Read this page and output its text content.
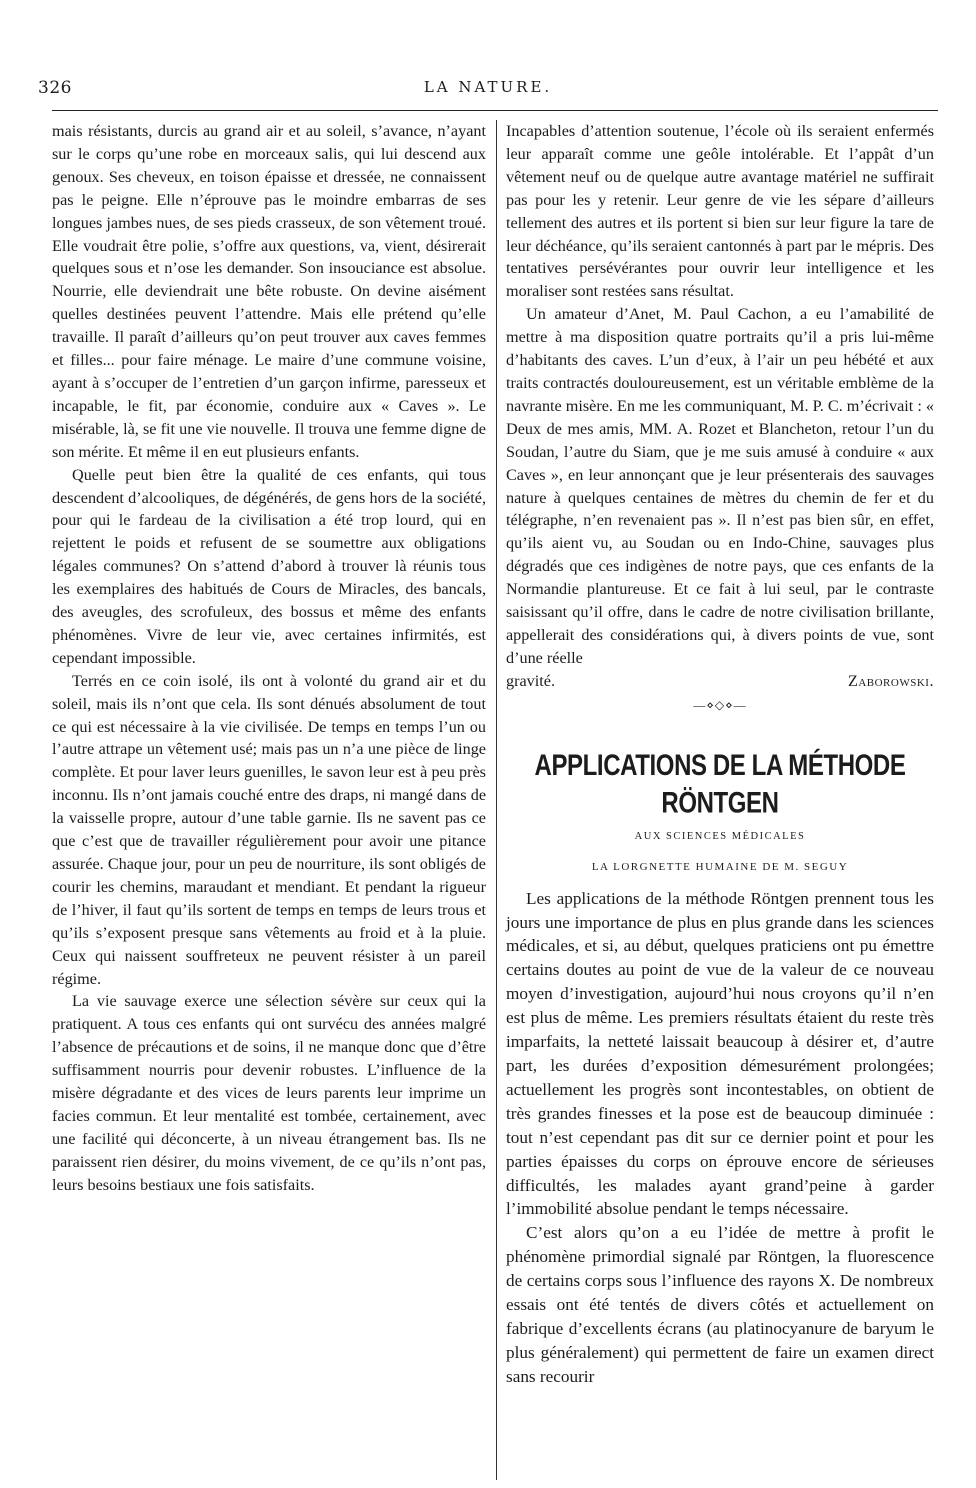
326	LA NATURE.

mais résistants, durcis au grand air et au soleil, s’avance, n’ayant sur le corps qu’une robe en morceaux salis, qui lui descend aux genoux. Ses cheveux, en toison épaisse et dressée, ne connaissent pas le peigne. Elle n’éprouve pas le moindre embarras de ses longues jambes nues, de ses pieds crasseux, de son vêtement troué. Elle voudrait être polie, s’offre aux questions, va, vient, désirerait quelques sous et n’ose les demander. Son insouciance est absolue. Nourrie, elle deviendrait une bête robuste. On devine aisément quelles destinées peuvent l’attendre. Mais elle prétend qu’elle travaille. Il paraît d’ailleurs qu’on peut trouver aux caves femmes et filles... pour faire ménage. Le maire d’une commune voisine, ayant à s’occuper de l’entretien d’un garçon infirme, paresseux et incapable, le fit, par économie, conduire aux « Caves ». Le misérable, là, se fit une vie nouvelle. Il trouva une femme digne de son mérite. Et même il en eut plusieurs enfants.

Quelle peut bien être la qualité de ces enfants, qui tous descendent d’alcooliques, de dégénérés, de gens hors de la société, pour qui le fardeau de la civilisation a été trop lourd, qui en rejettent le poids et refusent de se soumettre aux obligations légales communes? On s’attend d’abord à trouver là réunis tous les exemplaires des habitués de Cours de Miracles, des bancals, des aveugles, des scrofuleux, des bossus et même des enfants phénomènes. Vivre de leur vie, avec certaines infirmités, est cependant impossible.

Terrés en ce coin isolé, ils ont à volonté du grand air et du soleil, mais ils n’ont que cela. Ils sont dénués absolument de tout ce qui est nécessaire à la vie civilisée. De temps en temps l’un ou l’autre attrape un vêtement usé; mais pas un n’a une pièce de linge complète. Et pour laver leurs guenilles, le savon leur est à peu près inconnu. Ils n’ont jamais couché entre des draps, ni mangé dans de la vaisselle propre, autour d’une table garnie. Ils ne savent pas ce que c’est que de travailler régulièrement pour avoir une pitance assurée. Chaque jour, pour un peu de nourriture, ils sont obligés de courir les chemins, maraudant et mendiant. Et pendant la rigueur de l’hiver, il faut qu’ils sortent de temps en temps de leurs trous et qu’ils s’exposent presque sans vêtements au froid et à la pluie. Ceux qui naissent souffreteux ne peuvent résister à un pareil régime.

La vie sauvage exerce une sélection sévère sur ceux qui la pratiquent. A tous ces enfants qui ont survécu des années malgré l’absence de précautions et de soins, il ne manque donc que d’être suffisamment nourris pour devenir robustes. L’influence de la misère dégradante et des vices de leurs parents leur imprime un facies commun. Et leur mentalité est tombée, certainement, avec une facilité qui déconcerte, à un niveau étrangement bas. Ils ne paraissent rien désirer, du moins vivement, de ce qu’ils n’ont pas, leurs besoins bestiaux une fois satisfaits.

Incapables d’attention soutenue, l’école où ils seraient enfermés leur apparaît comme une geôle intolérable. Et l’appât d’un vêtement neuf ou de quelque autre avantage matériel ne suffirait pas pour les y retenir. Leur genre de vie les sépare d’ailleurs tellement des autres et ils portent si bien sur leur figure la tare de leur déchéance, qu’ils seraient cantonnés à part par le mépris. Des tentatives persévérantes pour ouvrir leur intelligence et les moraliser sont restées sans résultat.

Un amateur d’Anet, M. Paul Cachon, a eu l’amabilité de mettre à ma disposition quatre portraits qu’il a pris lui-même d’habitants des caves. L’un d’eux, à l’air un peu hébété et aux traits contractés douloureusement, est un véritable emblème de la navrante misère. En me les communiquant, M. P. C. m’écrivait : « Deux de mes amis, MM. A. Rozet et Blancheton, retour l’un du Soudan, l’autre du Siam, que je me suis amusé à conduire « aux Caves », en leur annonçant que je leur présenterais des sauvages nature à quelques centaines de mètres du chemin de fer et du télégraphe, n’en revenaient pas ». Il n’est pas bien sûr, en effet, qu’ils aient vu, au Soudan ou en Indo-Chine, sauvages plus dégradés que ces indigènes de notre pays, que ces enfants de la Normandie plantureuse. Et ce fait à lui seul, par le contraste saisissant qu’il offre, dans le cadre de notre civilisation brillante, appellerait des considérations qui, à divers points de vue, sont d’une réelle

gravité.	Zaborowski.
—⋄◇⋄—
APPLICATIONS DE LA MÉTHODE RÖNTGEN
AUX SCIENCES MÉDICALES
LA LORGNETTE HUMAINE DE M. SEGUY

Les applications de la méthode Röntgen prennent tous les jours une importance de plus en plus grande dans les sciences médicales, et si, au début, quelques praticiens ont pu émettre certains doutes au point de vue de la valeur de ce nouveau moyen d’investigation, aujourd’hui nous croyons qu’il n’en est plus de même. Les premiers résultats étaient du reste très imparfaits, la netteté laissait beaucoup à désirer et, d’autre part, les durées d’exposition démesurément prolongées; actuellement les progrès sont incontestables, on obtient de très grandes finesses et la pose est de beaucoup diminuée : tout n’est cependant pas dit sur ce dernier point et pour les parties épaisses du corps on éprouve encore de sérieuses difficultés, les malades ayant grand’peine à garder l’immobilité absolue pendant le temps nécessaire.

C’est alors qu’on a eu l’idée de mettre à profit le phénomène primordial signalé par Röntgen, la fluorescence de certains corps sous l’influence des rayons X. De nombreux essais ont été tentés de divers côtés et actuellement on fabrique d’excellents écrans (au platinocyanure de baryum le plus généralement) qui permettent de faire un examen direct sans recourir
